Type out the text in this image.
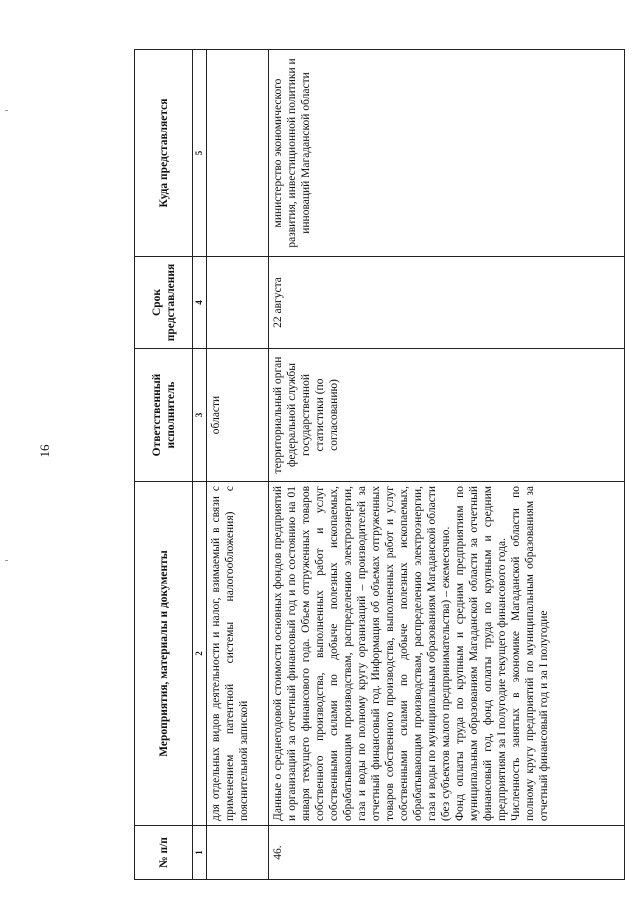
16
№ п/п	Мероприятия, материалы и документы	Ответственный исполнитель	Срок представления	Куда представляется
1	2	3	4	5
	для отдельных видов деятельности и налог, взимаемый в связи с применением патентной системы налогообложения) с пояснительной запиской	области		
46.	Данные о среднегодовой стоимости основных фондов предприятий и организаций за отчетный финансовый год и по состоянию на 01 января текущего финансового года. Объем отгруженных товаров собственного производства, выполненных работ и услуг собственными силами по добыче полезных ископаемых, обрабатывающим производствам, распределению электроэнергии, газа и воды по полному кругу организаций – производителей за отчетный финансовый год. Информация об объемах отгруженных товаров собственного производства, выполненных работ и услуг собственными силами по добыче полезных ископаемых, обрабатывающим производствам, распределению электроэнергии, газа и воды по муниципальным образованиям Магаданской области (без субъектов малого предпринимательства) – ежемесячно. Фонд оплаты труда по крупным и средним предприятиям по муниципальным образованиям Магаданской области за отчетный финансовый год, фонд оплаты труда по крупным и средним предприятиям за I полугодие текущего финансового года. Численность занятых в экономике Магаданской области по полному кругу предприятий по муниципальным образованиям за отчетный финансовый год и за I полугодие	территориальный орган федеральной службы государственной статистики (по согласованию)	22 августа	министерство экономического развития, инвестиционной политики и инноваций Магаданской области
